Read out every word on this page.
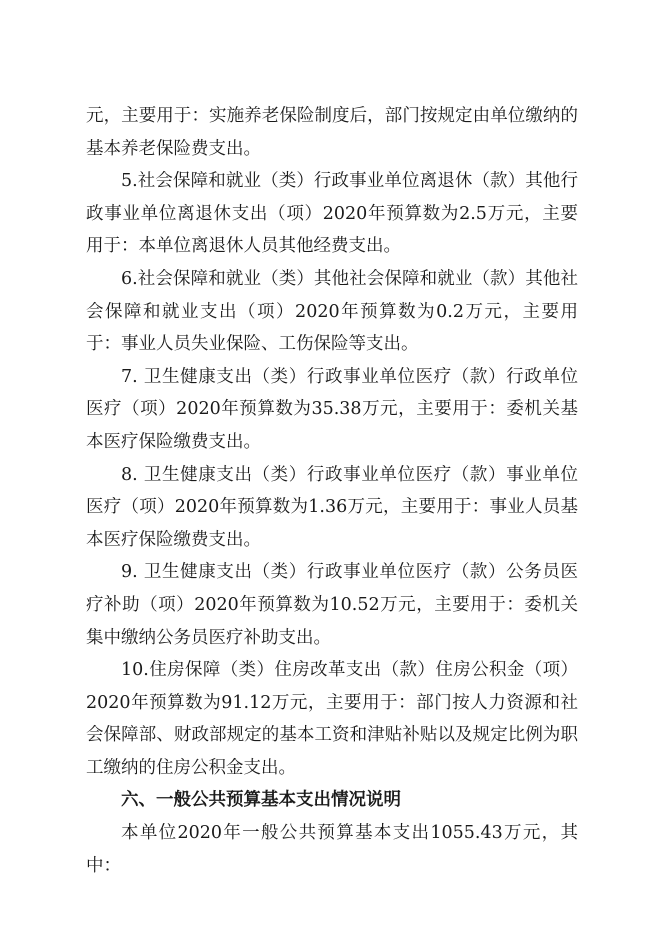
元，主要用于：实施养老保险制度后，部门按规定由单位缴纳的基本养老保险费支出。

5.社会保障和就业（类）行政事业单位离退休（款）其他行政事业单位离退休支出（项）2020年预算数为2.5万元，主要用于：本单位离退休人员其他经费支出。

6.社会保障和就业（类）其他社会保障和就业（款）其他社会保障和就业支出（项）2020年预算数为0.2万元，主要用于：事业人员失业保险、工伤保险等支出。

7. 卫生健康支出（类）行政事业单位医疗（款）行政单位医疗（项）2020年预算数为35.38万元，主要用于：委机关基本医疗保险缴费支出。

8. 卫生健康支出（类）行政事业单位医疗（款）事业单位医疗（项）2020年预算数为1.36万元，主要用于：事业人员基本医疗保险缴费支出。

9. 卫生健康支出（类）行政事业单位医疗（款）公务员医疗补助（项）2020年预算数为10.52万元，主要用于：委机关集中缴纳公务员医疗补助支出。

10.住房保障（类）住房改革支出（款）住房公积金（项）2020年预算数为91.12万元，主要用于：部门按人力资源和社会保障部、财政部规定的基本工资和津贴补贴以及规定比例为职工缴纳的住房公积金支出。

六、一般公共预算基本支出情况说明

本单位2020年一般公共预算基本支出1055.43万元，其中：
